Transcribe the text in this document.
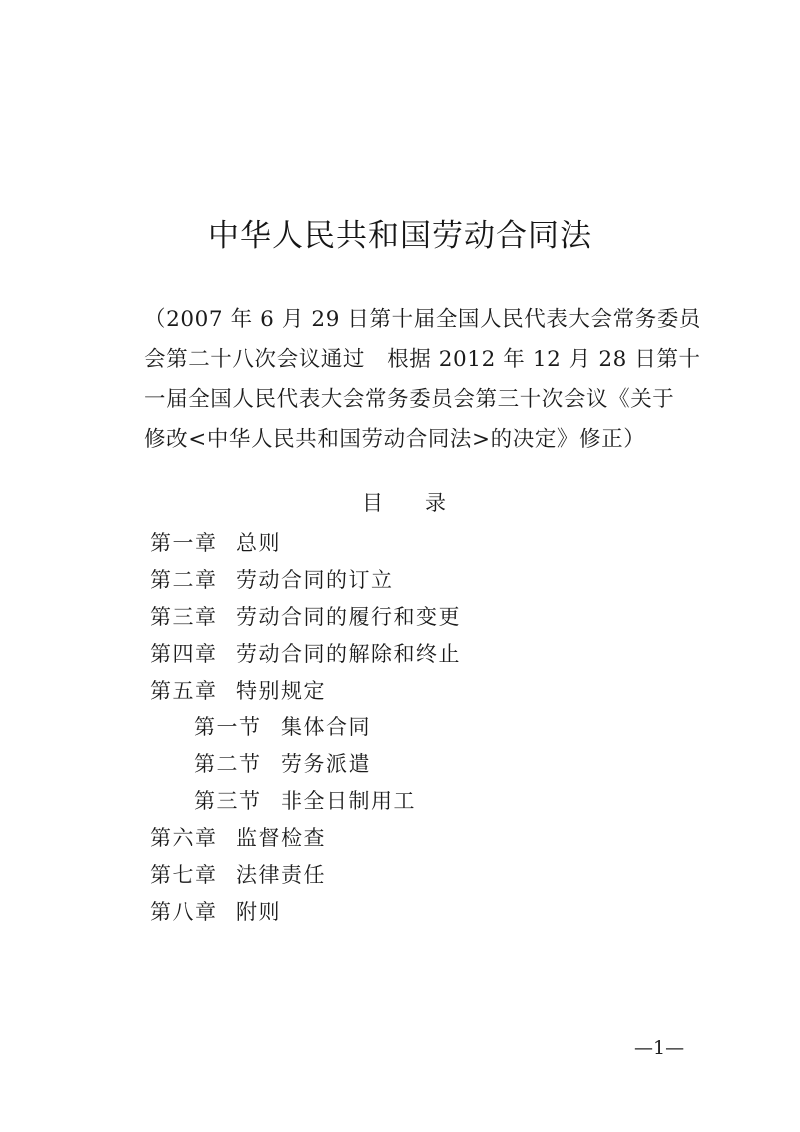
中华人民共和国劳动合同法

（2007 年 6 月 29 日第十届全国人民代表大会常务委员
会第二十八次会议通过　根据 2012 年 12 月 28 日第十
一届全国人民代表大会常务委员会第三十次会议《关于
修改<中华人民共和国劳动合同法>的决定》修正）

目 录
第一章 总则
第二章 劳动合同的订立
第三章 劳动合同的履行和变更
第四章 劳动合同的解除和终止
第五章 特别规定
第一节 集体合同
第二节 劳务派遣
第三节 非全日制用工
第六章 监督检查
第七章 法律责任
第八章 附则
—1—
